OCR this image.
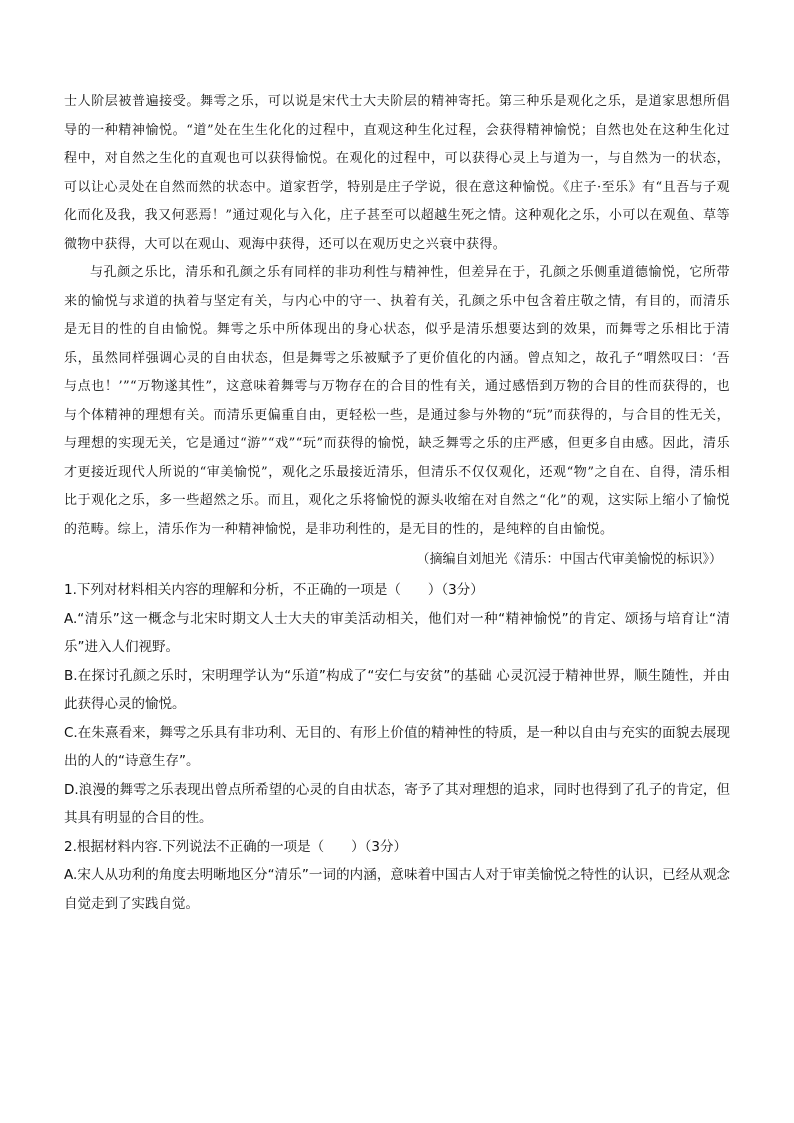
士人阶层被普遍接受。舞雩之乐，可以说是宋代士大夫阶层的精神寄托。第三种乐是观化之乐，是道家思想所倡导的一种精神愉悦。“道”处在生生化化的过程中，直观这种生化过程，会获得精神愉悦；自然也处在这种生化过程中，对自然之生化的直观也可以获得愉悦。在观化的过程中，可以获得心灵上与道为一，与自然为一的状态，可以让心灵处在自然而然的状态中。道家哲学，特别是庄子学说，很在意这种愉悦。《庄子·至乐》有“且吾与子观化而化及我，我又何恶焉！”通过观化与入化，庄子甚至可以超越生死之情。这种观化之乐，小可以在观鱼、草等微物中获得，大可以在观山、观海中获得，还可以在观历史之兴衰中获得。

与孔颜之乐比，清乐和孔颜之乐有同样的非功利性与精神性，但差异在于，孔颜之乐侧重道德愉悦，它所带来的愉悦与求道的执着与坚定有关，与内心中的守一、执着有关，孔颜之乐中包含着庄敬之情，有目的，而清乐是无目的性的自由愉悦。舞雩之乐中所体现出的身心状态，似乎是清乐想要达到的效果，而舞雩之乐相比于清乐，虽然同样强调心灵的自由状态，但是舞雩之乐被赋予了更价值化的内涵。曾点知之，故孔子“喟然叹曰：‘吾与点也！’”“万物遂其性”，这意味着舞雩与万物存在的合目的性有关，通过感悟到万物的合目的性而获得的，也与个体精神的理想有关。而清乐更偏重自由，更轻松一些，是通过参与外物的“玩”而获得的，与合目的性无关，与理想的实现无关，它是通过“游”“戏”“玩”而获得的愉悦，缺乏舞雩之乐的庄严感，但更多自由感。因此，清乐才更接近现代人所说的“审美愉悦”，观化之乐最接近清乐，但清乐不仅仅观化，还观“物”之自在、自得，清乐相比于观化之乐，多一些超然之乐。而且，观化之乐将愉悦的源头收缩在对自然之“化”的观，这实际上缩小了愉悦的范畴。综上，清乐作为一种精神愉悦，是非功利性的，是无目的性的，是纯粹的自由愉悦。

（摘编自刘旭光《清乐：中国古代审美愉悦的标识》）

1.下列对材料相关内容的理解和分析，不正确的一项是（　　）（3分）

A.“清乐”这一概念与北宋时期文人士大夫的审美活动相关，他们对一种“精神愉悦”的肯定、颂扬与培育让“清乐”进入人们视野。

B.在探讨孔颜之乐时，宋明理学认为“乐道”构成了“安仁与安贫”的基础 心灵沉浸于精神世界，顺生随性，并由此获得心灵的愉悦。

C.在朱熹看来，舞雩之乐具有非功利、无目的、有形上价值的精神性的特质，是一种以自由与充实的面貌去展现出的人的“诗意生存”。

D.浪漫的舞雩之乐表现出曾点所希望的心灵的自由状态，寄予了其对理想的追求，同时也得到了孔子的肯定，但其具有明显的合目的性。

2.根据材料内容.下列说法不正确的一项是（　　）（3分）

A.宋人从功利的角度去明晰地区分“清乐”一词的内涵，意味着中国古人对于审美愉悦之特性的认识，已经从观念自觉走到了实践自觉。
